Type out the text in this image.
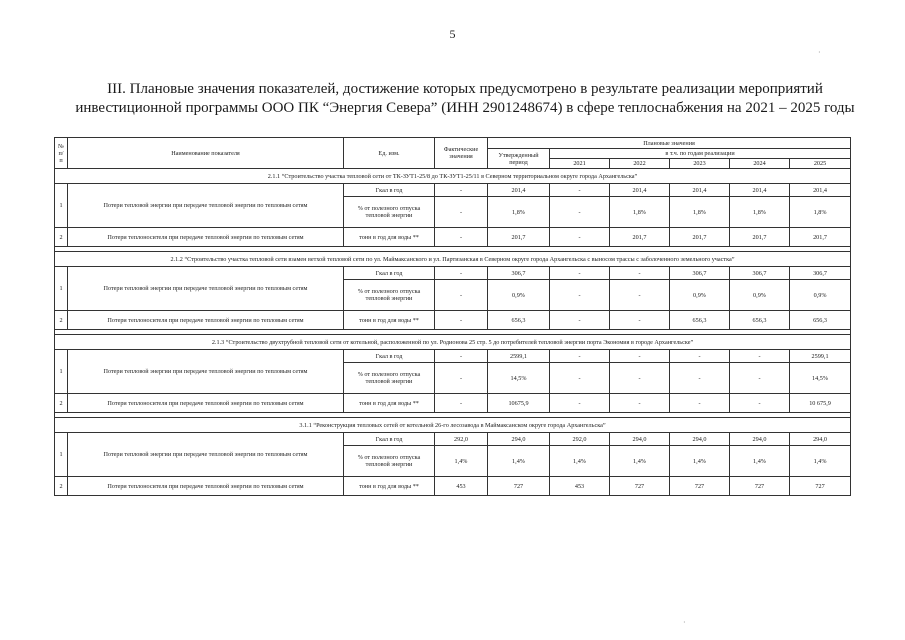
5
III. Плановые значения показателей, достижение которых предусмотрено в результате реализации мероприятий
инвестиционной программы ООО ПК “Энергия Севера” (ИНН 2901248674) в сфере теплоснабжения на 2021 – 2025 годы
№ п/п	Наименование показателя	Ед. изм.	Фактические значения	Плановые значения					
				Утвержденный период	в т.ч. по годам реализации				
					2021	2022	2023	2024	2025
2.1.1 “Строительство участка тепловой сети от ТК-ЗУТ1-25/8 до ТК-ЗУТ1-25/11 в Северном территориальном округе города Архангельска”									
1	Потери тепловой энергии при передаче тепловой энергии по тепловым сетям	Гкал в год	-	201,4	-	201,4	201,4	201,4	201,4
		% от полезного отпуска тепловой энергии	-	1,8%	-	1,8%	1,8%	1,8%	1,8%
2	Потери теплоносителя при передаче тепловой энергии по тепловым сетям	тонн в год для воды **	-	201,7	-	201,7	201,7	201,7	201,7

2.1.2 “Строительство участка тепловой сети взамен ветхой тепловой сети по ул. Маймаксанского и ул. Партизанская в Северном округе города Архангельска с выносом трассы с заболоченного земельного участка”									
1	Потери тепловой энергии при передаче тепловой энергии по тепловым сетям	Гкал в год	-	306,7	-	-	306,7	306,7	306,7
		% от полезного отпуска тепловой энергии	-	0,9%	-	-	0,9%	0,9%	0,9%
2	Потери теплоносителя при передаче тепловой энергии по тепловым сетям	тонн в год для воды **	-	656,3	-	-	656,3	656,3	656,3

2.1.3 “Строительство двухтрубной тепловой сети от котельной, расположенной по ул. Родионова 25 стр. 5 до потребителей тепловой энергии порта Экономия в городе Архангельске”									
1	Потери тепловой энергии при передаче тепловой энергии по тепловым сетям	Гкал в год	-	2599,1	-	-	-	-	2599,1
		% от полезного отпуска тепловой энергии	-	14,5%	-	-	-	-	14,5%
2	Потери теплоносителя при передаче тепловой энергии по тепловым сетям	тонн в год для воды **	-	10675,9	-	-	-	-	10 675,9

3.1.1 “Реконструкция тепловых сетей от котельной 26-го лесозавода в Маймаксанском округе города Архангельска”									
1	Потери тепловой энергии при передаче тепловой энергии по тепловым сетям	Гкал в год	292,0	294,0	292,0	294,0	294,0	294,0	294,0
		% от полезного отпуска тепловой энергии	1,4%	1,4%	1,4%	1,4%	1,4%	1,4%	1,4%
2	Потери теплоносителя при передаче тепловой энергии по тепловым сетям	тонн в год для воды **	453	727	453	727	727	727	727
·
·
